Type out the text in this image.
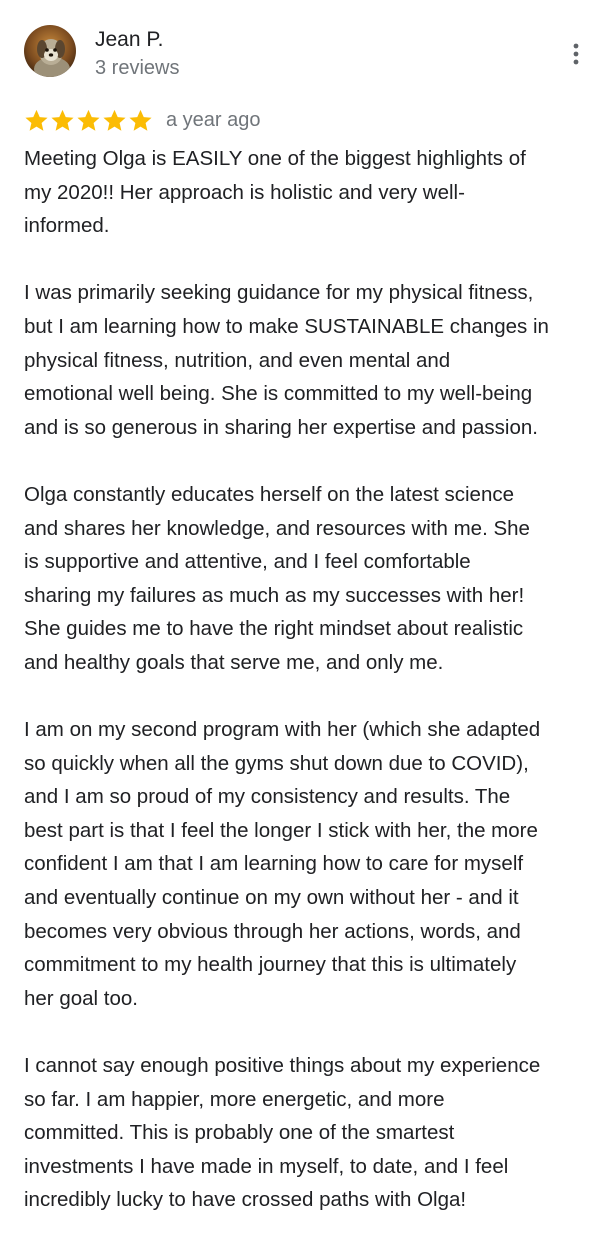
Jean P.
3 reviews
a year ago

Meeting Olga is EASILY one of the biggest highlights of
my 2020!! Her approach is holistic and very well-
informed.

I was primarily seeking guidance for my physical fitness,
but I am learning how to make SUSTAINABLE changes in
physical fitness, nutrition, and even mental and
emotional well being. She is committed to my well-being
and is so generous in sharing her expertise and passion.

Olga constantly educates herself on the latest science
and shares her knowledge, and resources with me. She
is supportive and attentive, and I feel comfortable
sharing my failures as much as my successes with her!
She guides me to have the right mindset about realistic
and healthy goals that serve me, and only me.

I am on my second program with her (which she adapted
so quickly when all the gyms shut down due to COVID),
and I am so proud of my consistency and results. The
best part is that I feel the longer I stick with her, the more
confident I am that I am learning how to care for myself
and eventually continue on my own without her - and it
becomes very obvious through her actions, words, and
commitment to my health journey that this is ultimately
her goal too.

I cannot say enough positive things about my experience
so far. I am happier, more energetic, and more
committed. This is probably one of the smartest
investments I have made in myself, to date, and I feel
incredibly lucky to have crossed paths with Olga!
